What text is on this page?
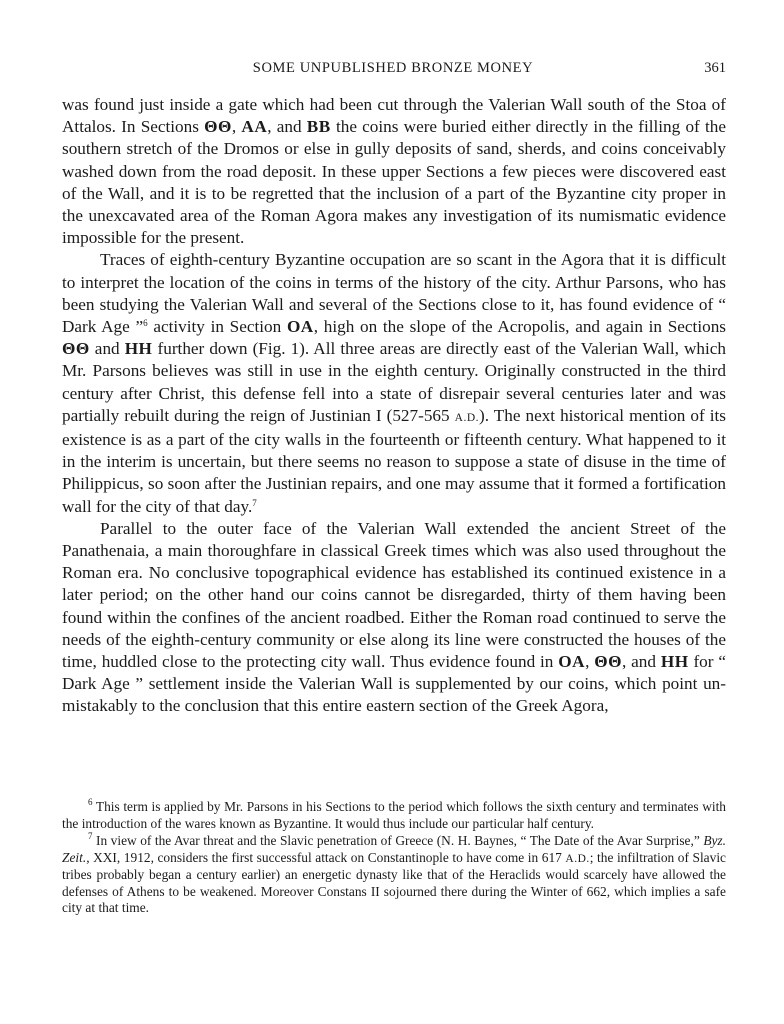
SOME UNPUBLISHED BRONZE MONEY	361

was found just inside a gate which had been cut through the Valerian Wall south of the Stoa of Attalos. In Sections ΘΘ, AA, and BB the coins were buried either directly in the filling of the southern stretch of the Dromos or else in gully deposits of sand, sherds, and coins conceivably washed down from the road deposit. In these upper Sections a few pieces were discovered east of the Wall, and it is to be regretted that the inclusion of a part of the Byzantine city proper in the unexcavated area of the Roman Agora makes any investigation of its numismatic evidence impossible for the present.

Traces of eighth-century Byzantine occupation are so scant in the Agora that it is difficult to interpret the location of the coins in terms of the history of the city. Arthur Parsons, who has been studying the Valerian Wall and several of the Sections close to it, has found evidence of “ Dark Age ”$^6$ activity in Section OA, high on the slope of the Acropolis, and again in Sections ΘΘ and HH further down (Fig. 1). All three areas are directly east of the Valerian Wall, which Mr. Parsons believes was still in use in the eighth century. Originally constructed in the third century after Christ, this defense fell into a state of disrepair several centuries later and was partially rebuilt during the reign of Justinian I (527-565 A.D.). The next historical mention of its existence is as a part of the city walls in the fourteenth or fifteenth century. What happened to it in the interim is uncertain, but there seems no reason to suppose a state of disuse in the time of Philippicus, so soon after the Justinian repairs, and one may assume that it formed a fortification wall for the city of that day.$^7$

Parallel to the outer face of the Valerian Wall extended the ancient Street of the Panathenaia, a main thoroughfare in classical Greek times which was also used throughout the Roman era. No conclusive topographical evidence has established its continued existence in a later period; on the other hand our coins cannot be disregarded, thirty of them having been found within the confines of the ancient roadbed. Either the Roman road continued to serve the needs of the eighth-century community or else along its line were constructed the houses of the time, huddled close to the protecting city wall. Thus evidence found in OA, ΘΘ, and HH for “ Dark Age ” settlement inside the Valerian Wall is supplemented by our coins, which point unmistakably to the conclusion that this entire eastern section of the Greek Agora,

$^6$ This term is applied by Mr. Parsons in his Sections to the period which follows the sixth century and terminates with the introduction of the wares known as Byzantine. It would thus include our particular half century.

$^7$ In view of the Avar threat and the Slavic penetration of Greece (N. H. Baynes, “ The Date of the Avar Surprise,” Byz. Zeit., XXI, 1912, considers the first successful attack on Constantinople to have come in 617 A.D.; the infiltration of Slavic tribes probably began a century earlier) an energetic dynasty like that of the Heraclids would scarcely have allowed the defenses of Athens to be weakened. Moreover Constans II sojourned there during the Winter of 662, which implies a safe city at that time.
